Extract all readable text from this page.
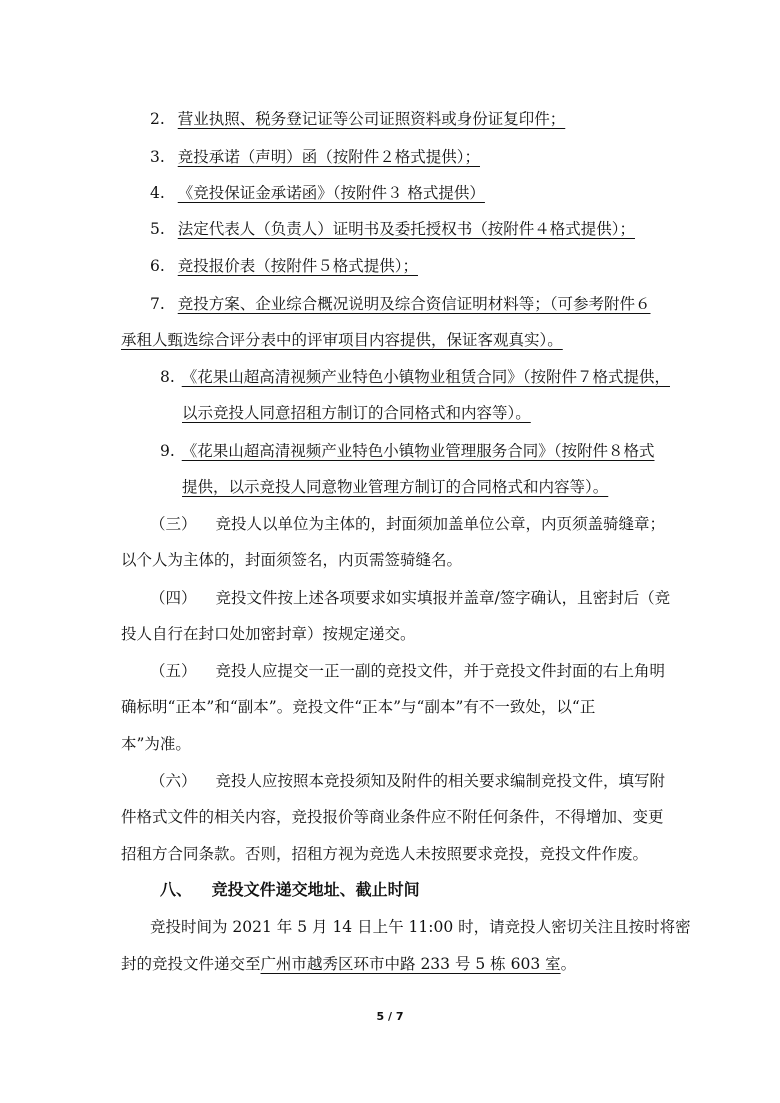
2. 营业执照、税务登记证等公司证照资料或身份证复印件；
3. 竞投承诺（声明）函（按附件２格式提供）；
4. 《竞投保证金承诺函》（按附件３ 格式提供）
5. 法定代表人（负责人）证明书及委托授权书（按附件４格式提供）；
6. 竞投报价表（按附件５格式提供）；
7. 竞投方案、企业综合概况说明及综合资信证明材料等；（可参考附件６
承租人甄选综合评分表中的评审项目内容提供，保证客观真实）。
8. 《花果山超高清视频产业特色小镇物业租赁合同》（按附件７格式提供，
以示竞投人同意招租方制订的合同格式和内容等）。
9. 《花果山超高清视频产业特色小镇物业管理服务合同》（按附件８格式
提供，以示竞投人同意物业管理方制订的合同格式和内容等）。
（三） 竞投人以单位为主体的，封面须加盖单位公章，内页须盖骑缝章；
以个人为主体的，封面须签名，内页需签骑缝名。
（四） 竞投文件按上述各项要求如实填报并盖章/签字确认，且密封后（竞
投人自行在封口处加密封章）按规定递交。
（五） 竞投人应提交一正一副的竞投文件，并于竞投文件封面的右上角明
确标明“正本”和“副本”。竞投文件“正本”与“副本”有不一致处，以“正
本”为准。
（六） 竞投人应按照本竞投须知及附件的相关要求编制竞投文件，填写附
件格式文件的相关内容，竞投报价等商业条件应不附任何条件，不得增加、变更
招租方合同条款。否则，招租方视为竞选人未按照要求竞投，竞投文件作废。
八、 竞投文件递交地址、截止时间
竞投时间为 2021 年 5 月 14 日上午 11:00 时，请竞投人密切关注且按时将密
封的竞投文件递交至广州市越秀区环市中路 233 号 5 栋 603 室。
5 / 7
